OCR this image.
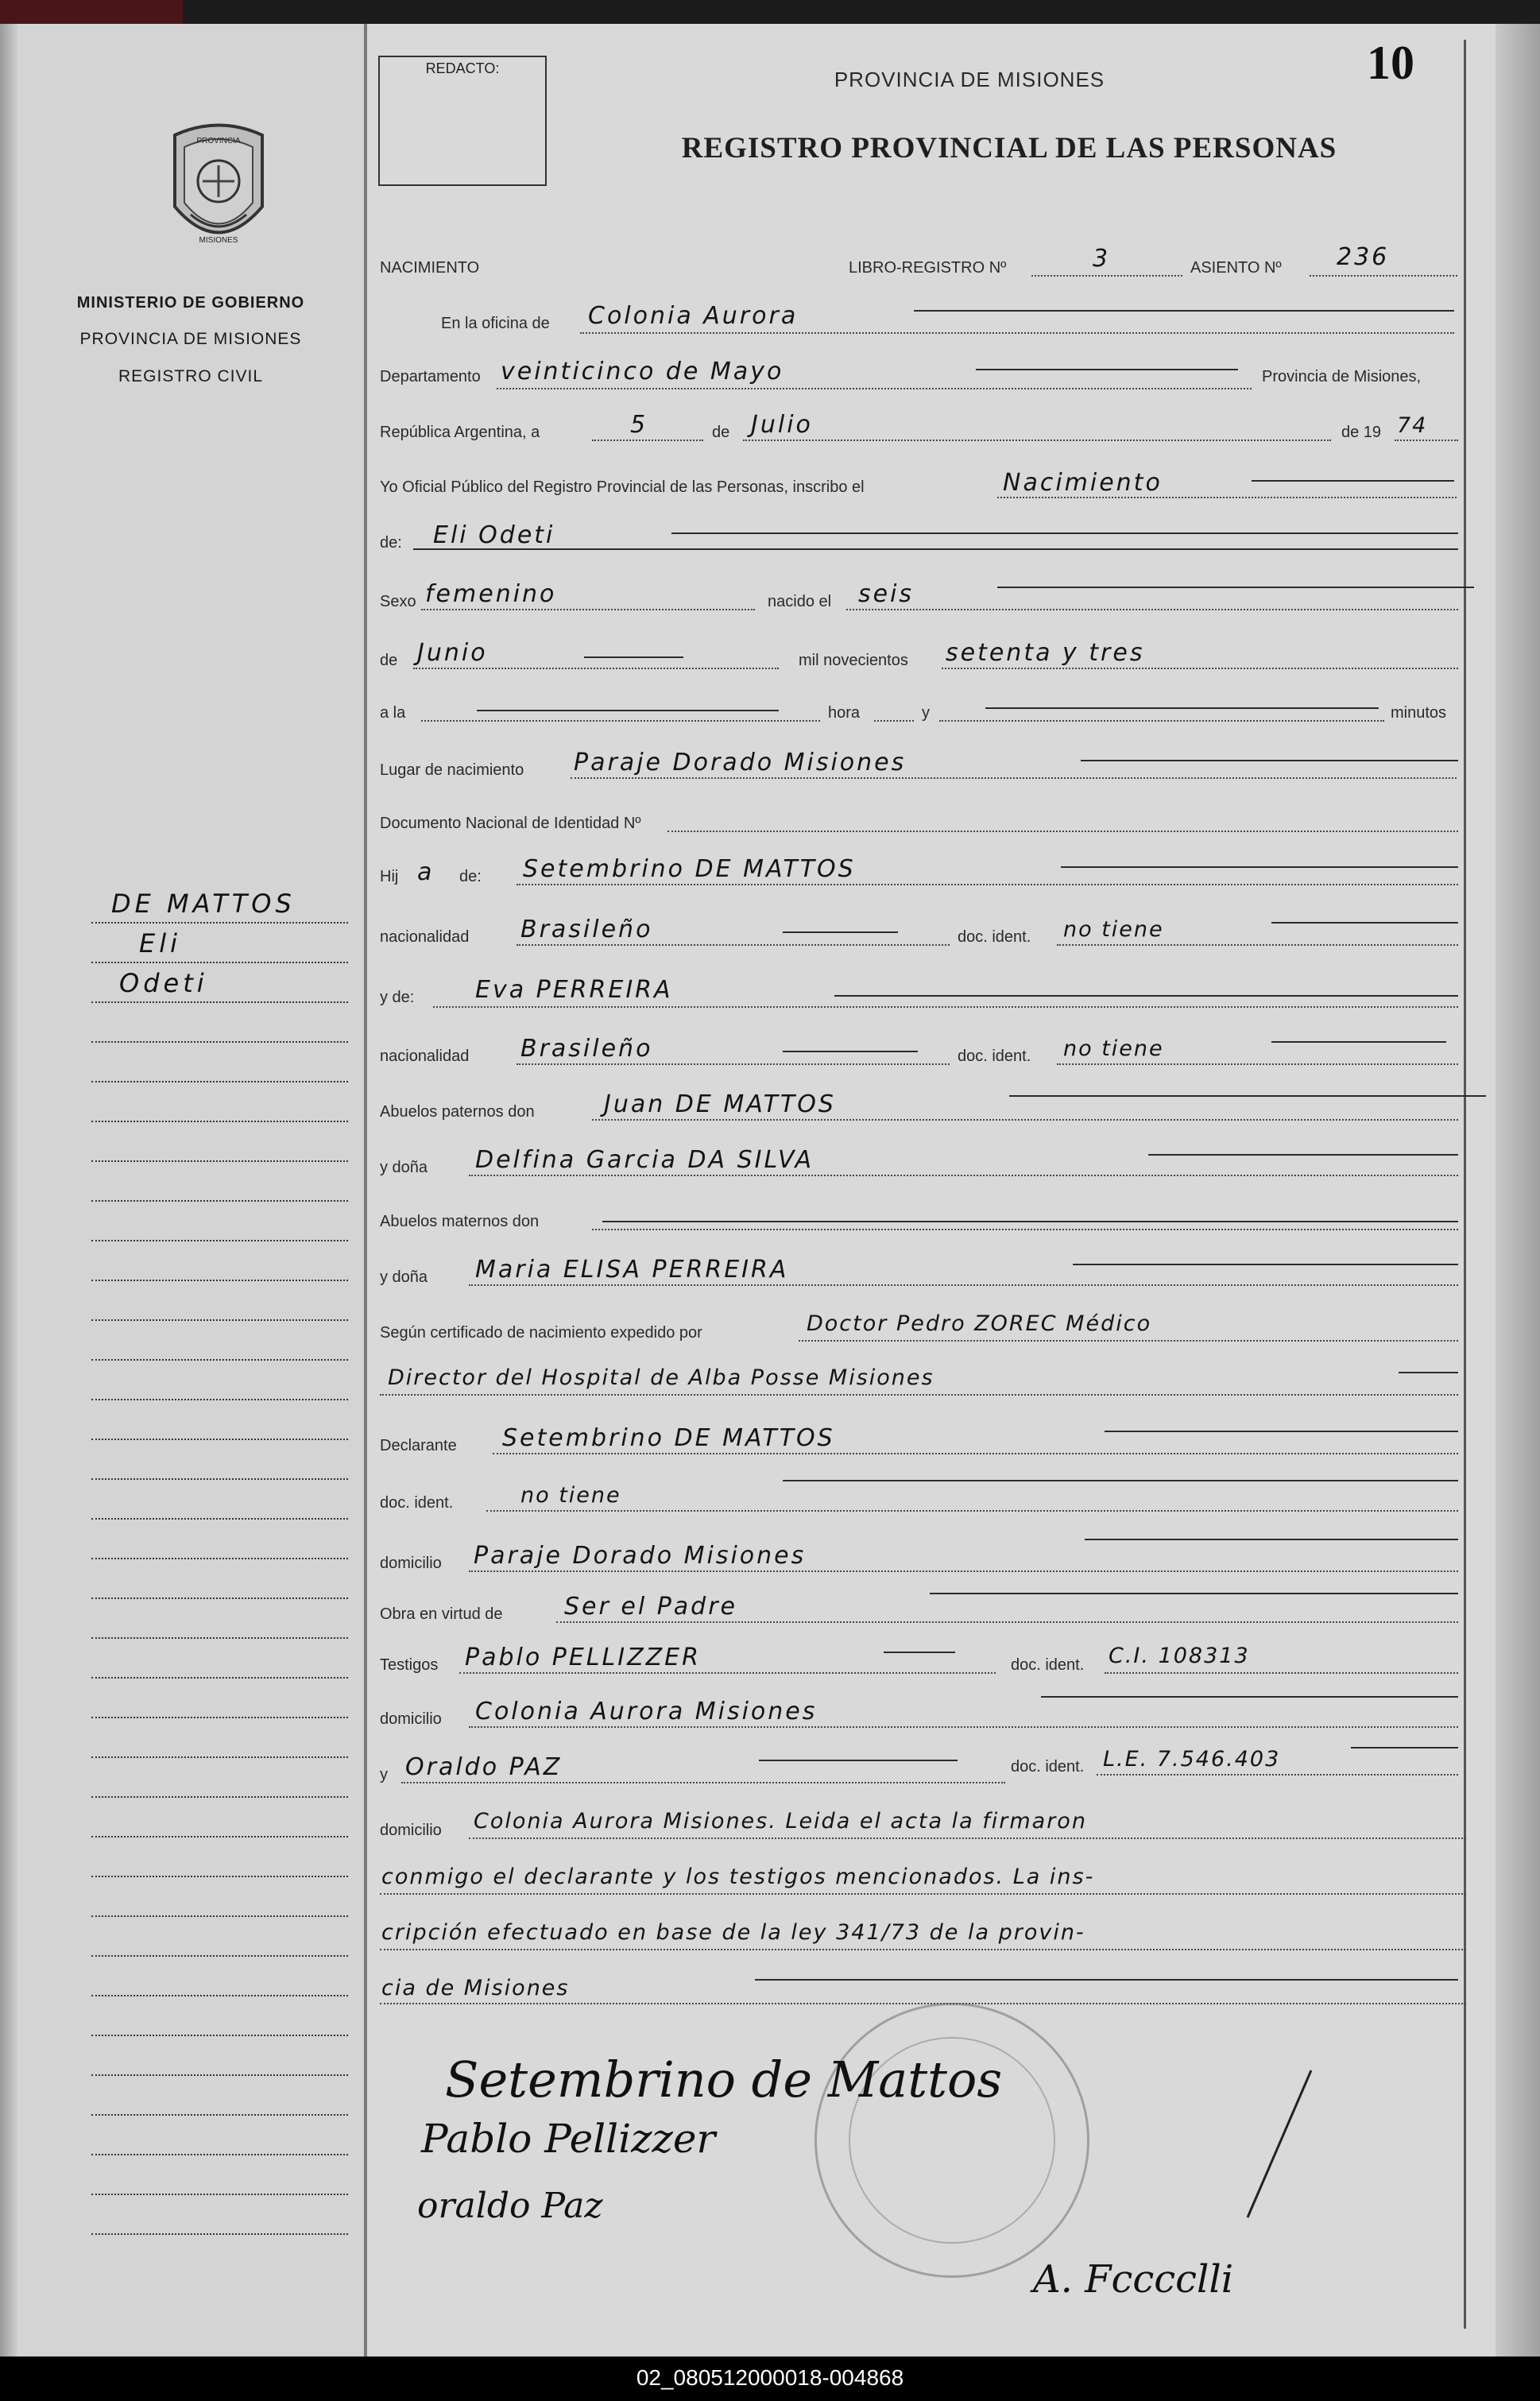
PROVINCIA
MISIONES
MINISTERIO DE GOBIERNO
PROVINCIA DE MISIONES
REGISTRO CIVIL
DE MATTOS
Eli
Odeti
REDACTO:	PROVINCIA DE MISIONES
REGISTRO PROVINCIAL DE LAS PERSONAS
10
NACIMIENTO	LIBRO-REGISTRO Nº	3	ASIENTO Nº 236
En la oficina de Colonia Aurora
Departamento veinticinco de Mayo	Provincia de Misiones,
República Argentina, a	5	de Julio	de 19 74
Yo Oficial Público del Registro Provincial de las Personas, inscribo el	Nacimiento
de: Eli Odeti
Sexo femenino	nacido el seis
de Junio	mil novecientos setenta y tres
a la	hora	y	minutos
Lugar de nacimiento Paraje Dorado Misiones
Documento Nacional de Identidad Nº
Hij a de: Setembrino DE MATTOS
nacionalidad Brasileño	doc. ident. no tiene
y de:	Eva PERREIRA
nacionalidad Brasileño	doc. ident. no tiene
Abuelos paternos don	Juan DE MATTOS
y doña Delfina Garcia DA SILVA
Abuelos maternos don
y doña Maria ELISA PERREIRA
Según certificado de nacimiento expedido por	Doctor Pedro ZOREC Médico
Director del Hospital de Alba Posse Misiones
Declarante Setembrino DE MATTOS
doc. ident.	no tiene
domicilio Paraje Dorado Misiones
Obra en virtud de	Ser el Padre
Testigos Pablo PELLIZZER	doc. ident. C.I. 108313
domicilio Colonia Aurora Misiones
y Oraldo PAZ	doc. ident. L.E. 7.546.403
domicilio Colonia Aurora Misiones. Leida el acta la firmaron
conmigo el declarante y los testigos mencionados. La ins-
cripción efectuado en base de la ley 341/73 de la provin-
cia de Misiones
Setembrino de Mattos
Pablo Pellizzer
oraldo Paz
A. Fcccclli
02_080512000018-004868
